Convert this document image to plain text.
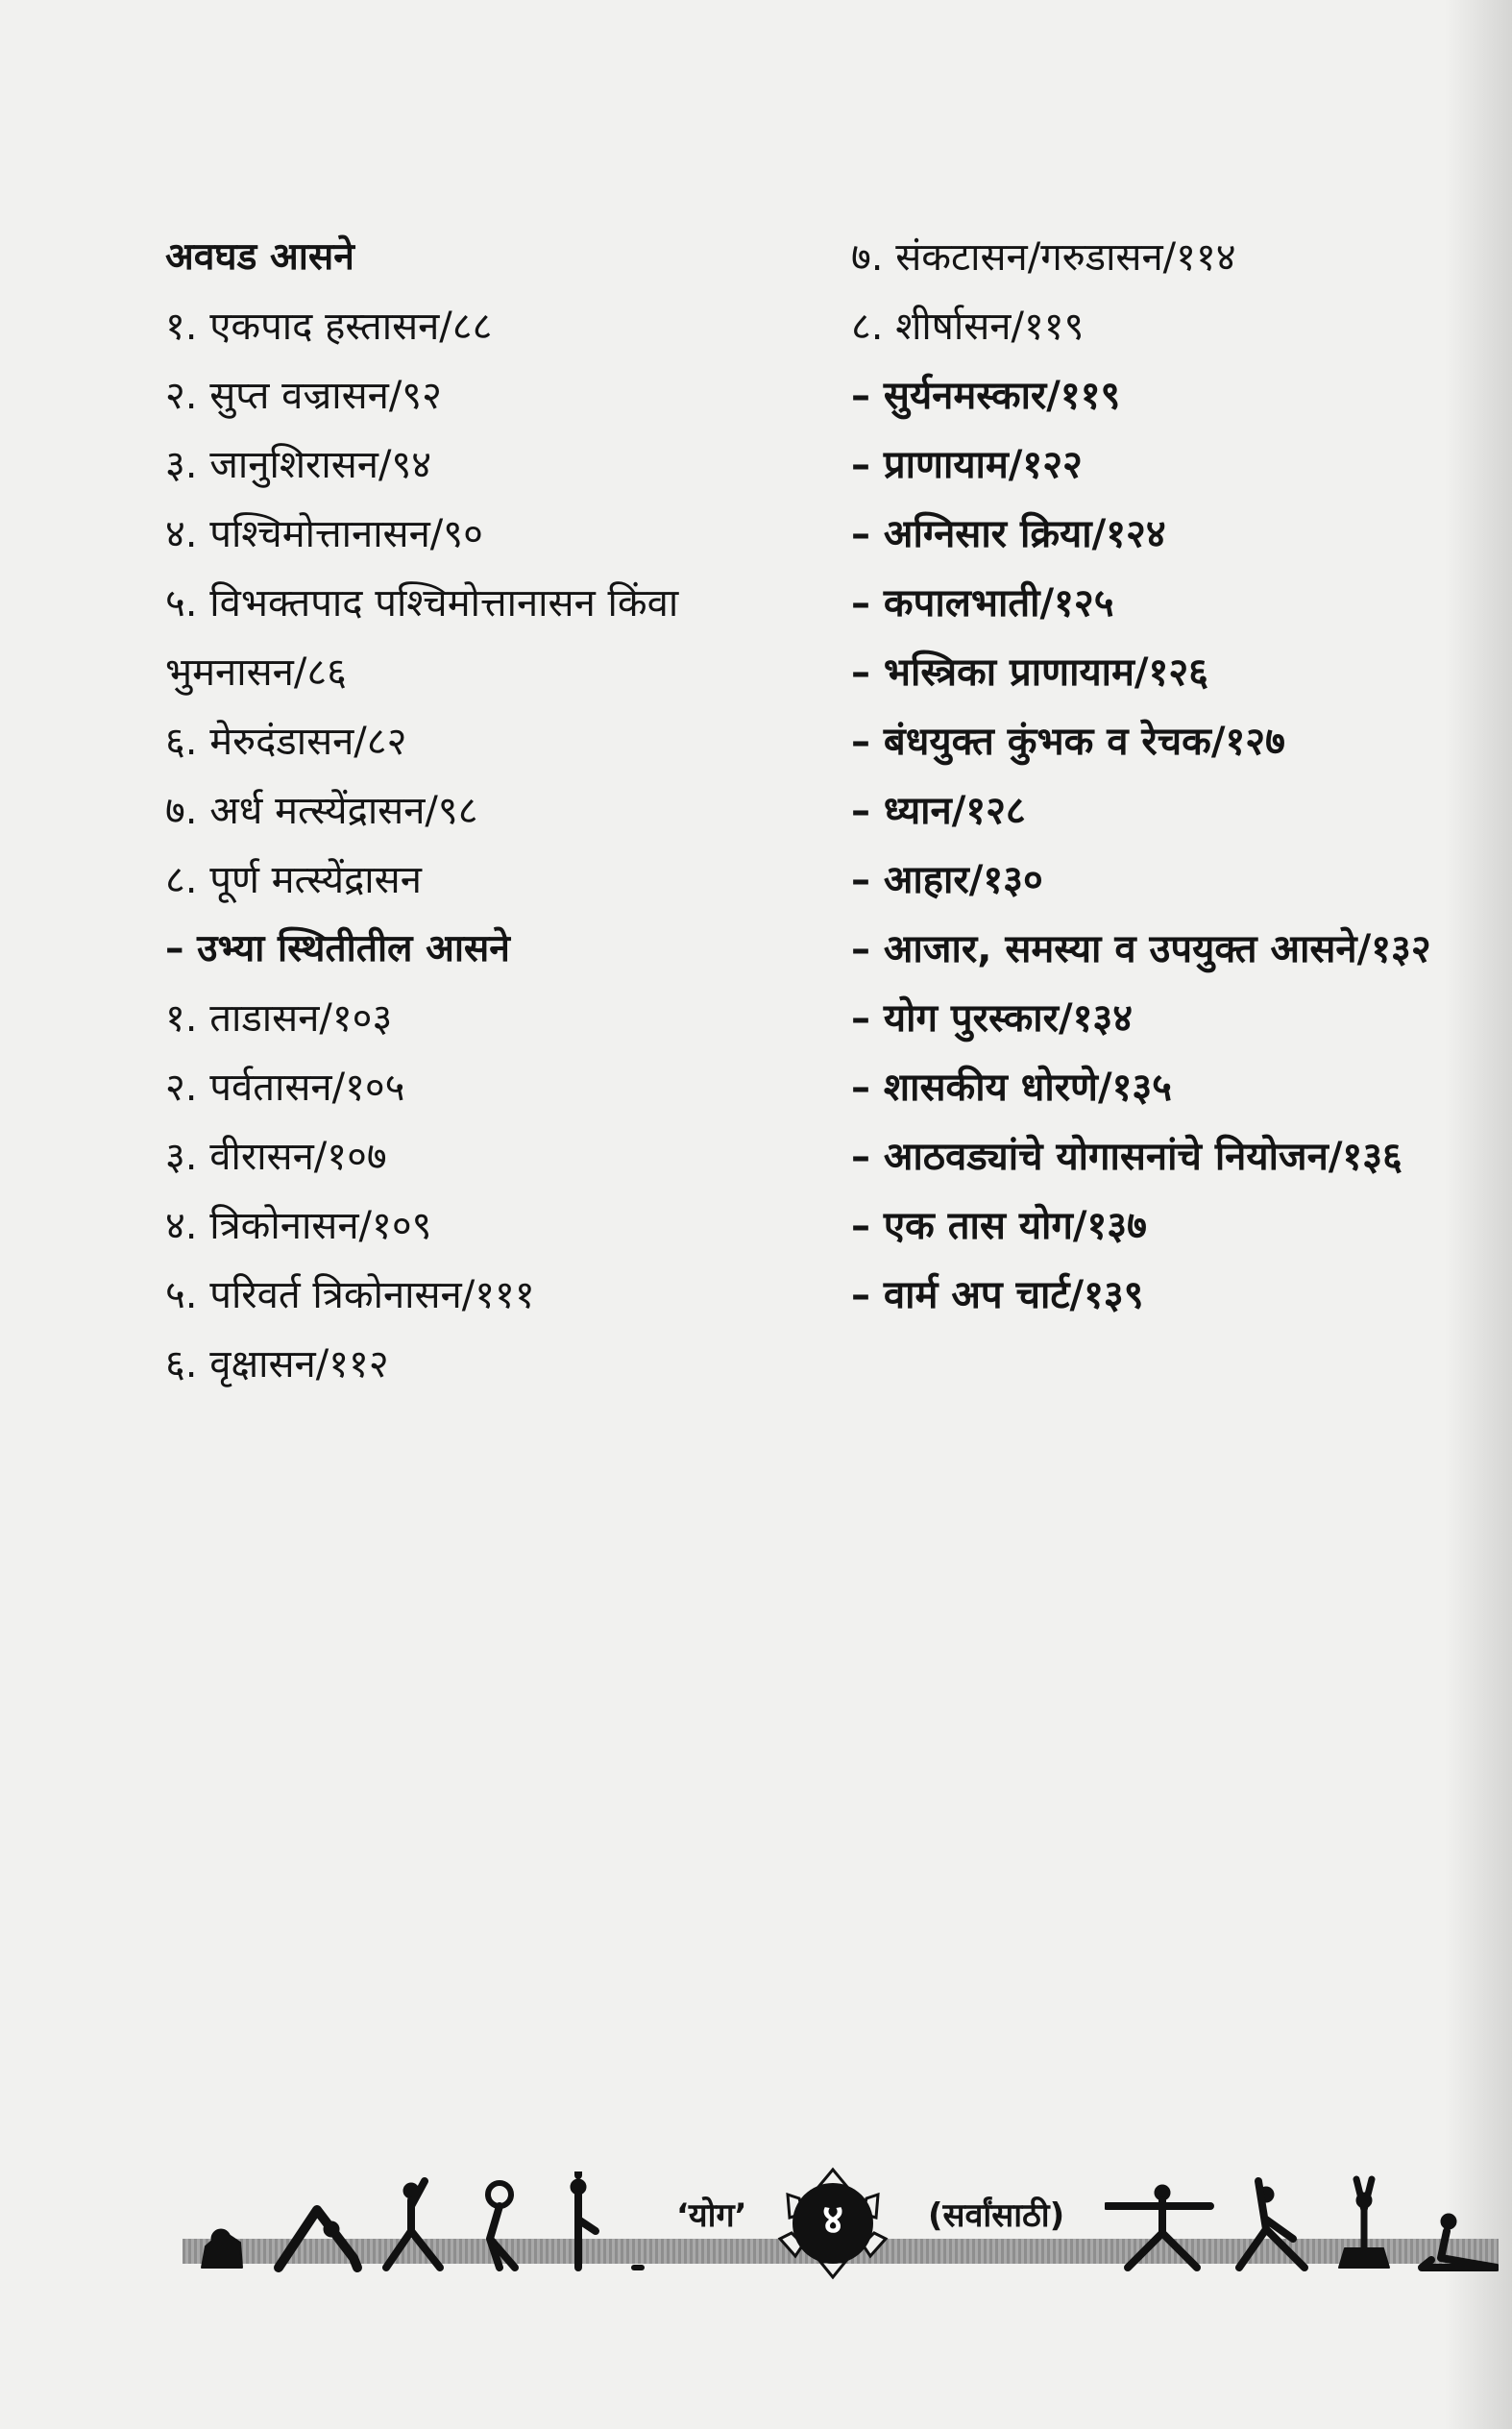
अवघड आसने
१. एकपाद हस्तासन/८८
२. सुप्त वज्रासन/९२
३. जानुशिरासन/९४
४. पश्चिमोत्तानासन/९०
५. विभक्तपाद पश्चिमोत्तानासन किंवा
भुमनासन/८६
६. मेरुदंडासन/८२
७. अर्ध मत्स्येंद्रासन/९८
८. पूर्ण मत्स्येंद्रासन
– उभ्या स्थितीतील आसने
१. ताडासन/१०३
२. पर्वतासन/१०५
३. वीरासन/१०७
४. त्रिकोनासन/१०९
५. परिवर्त त्रिकोनासन/१११
६. वृक्षासन/११२
७. संकटासन/गरुडासन/११४
८. शीर्षासन/११९
– सुर्यनमस्कार/११९
– प्राणायाम/१२२
– अग्निसार क्रिया/१२४
– कपालभाती/१२५
– भस्त्रिका प्राणायाम/१२६
– बंधयुक्त कुंभक व रेचक/१२७
– ध्यान/१२८
– आहार/१३०
– आजार, समस्या व उपयुक्त आसने/१३२
– योग पुरस्कार/१३४
– शासकीय धोरणे/१३५
– आठवड्यांचे योगासनांचे नियोजन/१३६
– एक तास योग/१३७
– वार्म अप चार्ट/१३९
‘योग’	४	(सर्वांसाठी)
